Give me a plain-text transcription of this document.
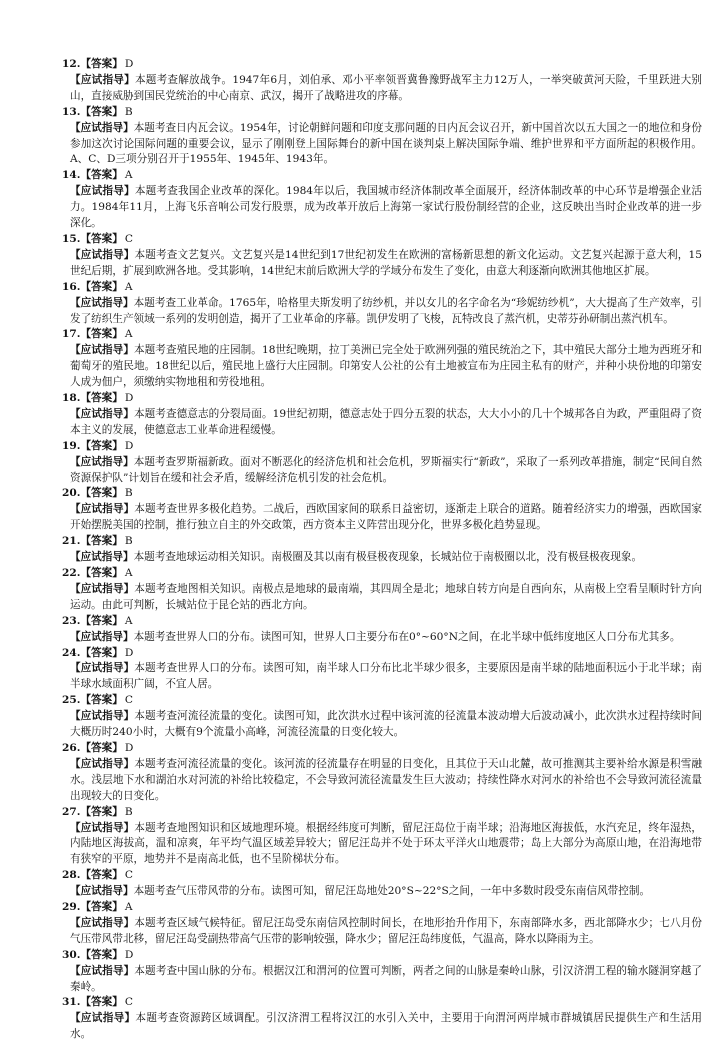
12.【答案】 D
【应试指导】本题考查解放战争。1947年6月，刘伯承、邓小平率领晋冀鲁豫野战军主力12万人，一举突破黄河天险，千里跃进大别山，直接威胁到国民党统治的中心南京、武汉，揭开了战略进攻的序幕。
13.【答案】 B
【应试指导】本题考查日内瓦会议。1954年，讨论朝鲜问题和印度支那问题的日内瓦会议召开，新中国首次以五大国之一的地位和身份参加这次讨论国际问题的重要会议，显示了刚刚登上国际舞台的新中国在谈判桌上解决国际争端、维护世界和平方面所起的积极作用。A、C、D三项分别召开于1955年、1945年、1943年。
14.【答案】 A
【应试指导】本题考查我国企业改革的深化。1984年以后，我国城市经济体制改革全面展开，经济体制改革的中心环节是增强企业活力。1984年11月，上海飞乐音响公司发行股票，成为改革开放后上海第一家试行股份制经营的企业，这反映出当时企业改革的进一步深化。
15.【答案】 C
【应试指导】本题考查文艺复兴。文艺复兴是14世纪到17世纪初发生在欧洲的富杨新思想的新文化运动。文艺复兴起源于意大利，15世纪后期，扩展到欧洲各地。受其影响，14世纪末前后欧洲大学的学域分布发生了变化，由意大利逐渐向欧洲其他地区扩展。
16.【答案】 A
【应试指导】本题考查工业革命。1765年，哈格里夫斯发明了纺纱机，并以女儿的名字命名为“珍妮纺纱机”，大大提高了生产效率，引发了纺织生产领域一系列的发明创造，揭开了工业革命的序幕。凯伊发明了飞梭，瓦特改良了蒸汽机，史蒂芬孙研制出蒸汽机车。
17.【答案】 A
【应试指导】本题考查殖民地的庄园制。18世纪晚期，拉丁美洲已完全处于欧洲列强的殖民统治之下，其中殖民大部分土地为西班牙和葡萄牙的殖民地。18世纪以后，殖民地上盛行大庄园制。印第安人公社的公有土地被宣布为庄园主私有的财产，并种小块份地的印第安人成为佃户，须缴纳实物地租和劳役地租。
18.【答案】 D
【应试指导】本题考查德意志的分裂局面。19世纪初期，德意志处于四分五裂的状态，大大小小的几十个城邦各自为政，严重阻碍了资本主义的发展，使德意志工业革命进程缓慢。
19.【答案】 D
【应试指导】本题考查罗斯福新政。面对不断恶化的经济危机和社会危机，罗斯福实行“新政”，采取了一系列改革措施，制定“民间自然资源保护队”计划旨在缓和社会矛盾，缓解经济危机引发的社会危机。
20.【答案】 B
【应试指导】本题考查世界多极化趋势。二战后，西欧国家间的联系日益密切，逐渐走上联合的道路。随着经济实力的增强，西欧国家开始摆脱美国的控制，推行独立自主的外交政策，西方资本主义阵营出现分化，世界多极化趋势显现。
21.【答案】 B
【应试指导】本题考查地球运动相关知识。南极圈及其以南有极昼极夜现象，长城站位于南极圈以北，没有极昼极夜现象。
22.【答案】 A
【应试指导】本题考查地图相关知识。南极点是地球的最南端，其四周全是北；地球自转方向是自西向东，从南极上空看呈顺时针方向运动。由此可判断，长城站位于昆仑站的西北方向。
23.【答案】 A
【应试指导】本题考查世界人口的分布。读图可知，世界人口主要分布在0°~60°N之间，在北半球中低纬度地区人口分布尤其多。
24.【答案】 D
【应试指导】本题考查世界人口的分布。读图可知，南半球人口分布比北半球少很多，主要原因是南半球的陆地面积远小于北半球；南半球水域面积广阔，不宜人居。
25.【答案】 C
【应试指导】本题考查河流径流量的变化。读图可知，此次洪水过程中该河流的径流量本波动增大后波动减小，此次洪水过程持续时间大概历时240小时，大概有9个流量小高峰，河流径流量的日变化较大。
26.【答案】 D
【应试指导】本题考查河流径流量的变化。该河流的径流量存在明显的日变化，且其位于天山北麓，故可推测其主要补给水源是积雪融水。浅层地下水和湖泊水对河流的补给比较稳定，不会导致河流径流量发生巨大波动；持续性降水对河水的补给也不会导致河流径流量出现较大的日变化。
27.【答案】 B
【应试指导】本题考查地图知识和区域地理环境。根据经纬度可判断，留尼汪岛位于南半球；沿海地区海拔低，水汽充足，终年湿热，内陆地区海拔高，温和凉爽，年平均气温区域差异较大；留尼汪岛并不处于环太平洋火山地震带；岛上大部分为高原山地，在沿海地带有狭窄的平原，地势并不是南高北低，也不呈阶梯状分布。
28.【答案】 C
【应试指导】本题考查气压带风带的分布。读图可知，留尼汪岛地处20°S~22°S之间，一年中多数时段受东南信风带控制。
29.【答案】 A
【应试指导】本题考查区域气候特征。留尼汪岛受东南信风控制时间长，在地形抬升作用下，东南部降水多，西北部降水少；七八月份气压带风带北移，留尼汪岛受副热带高气压带的影响较强，降水少；留尼汪岛纬度低，气温高，降水以降雨为主。
30.【答案】 D
【应试指导】本题考查中国山脉的分布。根据汉江和渭河的位置可判断，两者之间的山脉是秦岭山脉，引汉济渭工程的输水隧洞穿越了秦岭。
31.【答案】 C
【应试指导】本题考查资源跨区域调配。引汉济渭工程将汉江的水引入关中，主要用于向渭河两岸城市群城镇居民提供生产和生活用水。
